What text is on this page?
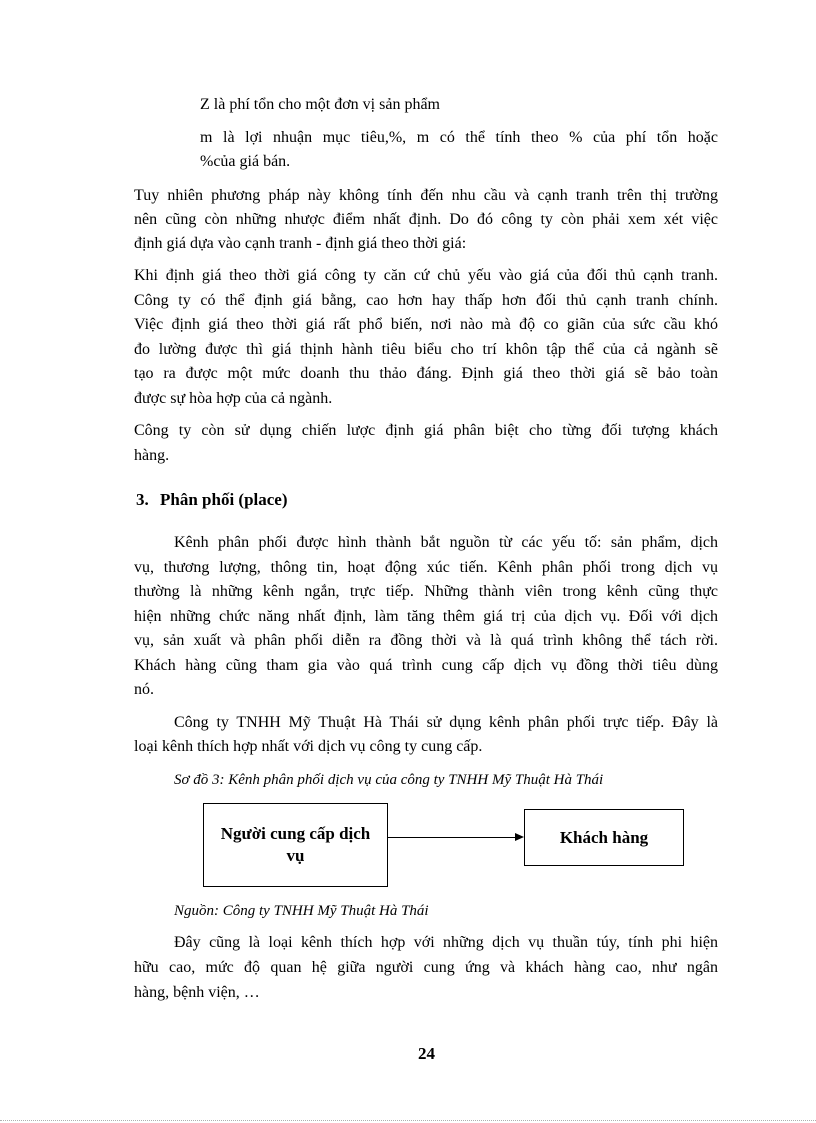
Z là phí tổn cho một đơn vị sản phẩm
m là lợi nhuận mục tiêu,%, m có thể tính theo % của phí tổn hoặc
%của giá bán.
Tuy nhiên phương pháp này không tính đến nhu cầu và cạnh tranh trên thị trường
nên cũng còn những nhược điểm nhất định. Do đó công ty còn phải xem xét việc
định giá dựa vào cạnh tranh - định giá theo thời giá:
Khi định giá theo thời giá công ty căn cứ chủ yếu vào giá của đối thủ cạnh tranh.
Công ty có thể định giá bằng, cao hơn hay thấp hơn đối thủ cạnh tranh chính.
Việc định giá theo thời giá rất phổ biến, nơi nào mà độ co giãn của sức cầu khó
đo lường được thì giá thịnh hành tiêu biểu cho trí khôn tập thể của cả ngành sẽ
tạo ra được một mức doanh thu thảo đáng. Định giá theo thời giá sẽ bảo toàn
được sự hòa hợp của cả ngành.
Công ty còn sử dụng chiến lược định giá phân biệt cho từng đối tượng khách
hàng.
3. Phân phối (place)
Kênh phân phối được hình thành bắt nguồn từ các yếu tố: sản phẩm, dịch
vụ, thương lượng, thông tin, hoạt động xúc tiến. Kênh phân phối trong dịch vụ
thường là những kênh ngắn, trực tiếp. Những thành viên trong kênh cũng thực
hiện những chức năng nhất định, làm tăng thêm giá trị của dịch vụ. Đối với dịch
vụ, sản xuất và phân phối diễn ra đồng thời và là quá trình không thể tách rời.
Khách hàng cũng tham gia vào quá trình cung cấp dịch vụ đồng thời tiêu dùng
nó.
Công ty TNHH Mỹ Thuật Hà Thái sử dụng kênh phân phối trực tiếp. Đây là
loại kênh thích hợp nhất với dịch vụ công ty cung cấp.
Sơ đồ 3: Kênh phân phối dịch vụ của công ty TNHH Mỹ Thuật Hà Thái
Người cung cấp dịch
vụ
Khách hàng
Nguồn: Công ty TNHH Mỹ Thuật Hà Thái
Đây cũng là loại kênh thích hợp với những dịch vụ thuần túy, tính phi hiện
hữu cao, mức độ quan hệ giữa người cung ứng và khách hàng cao, như ngân
hàng, bệnh viện, …
24
